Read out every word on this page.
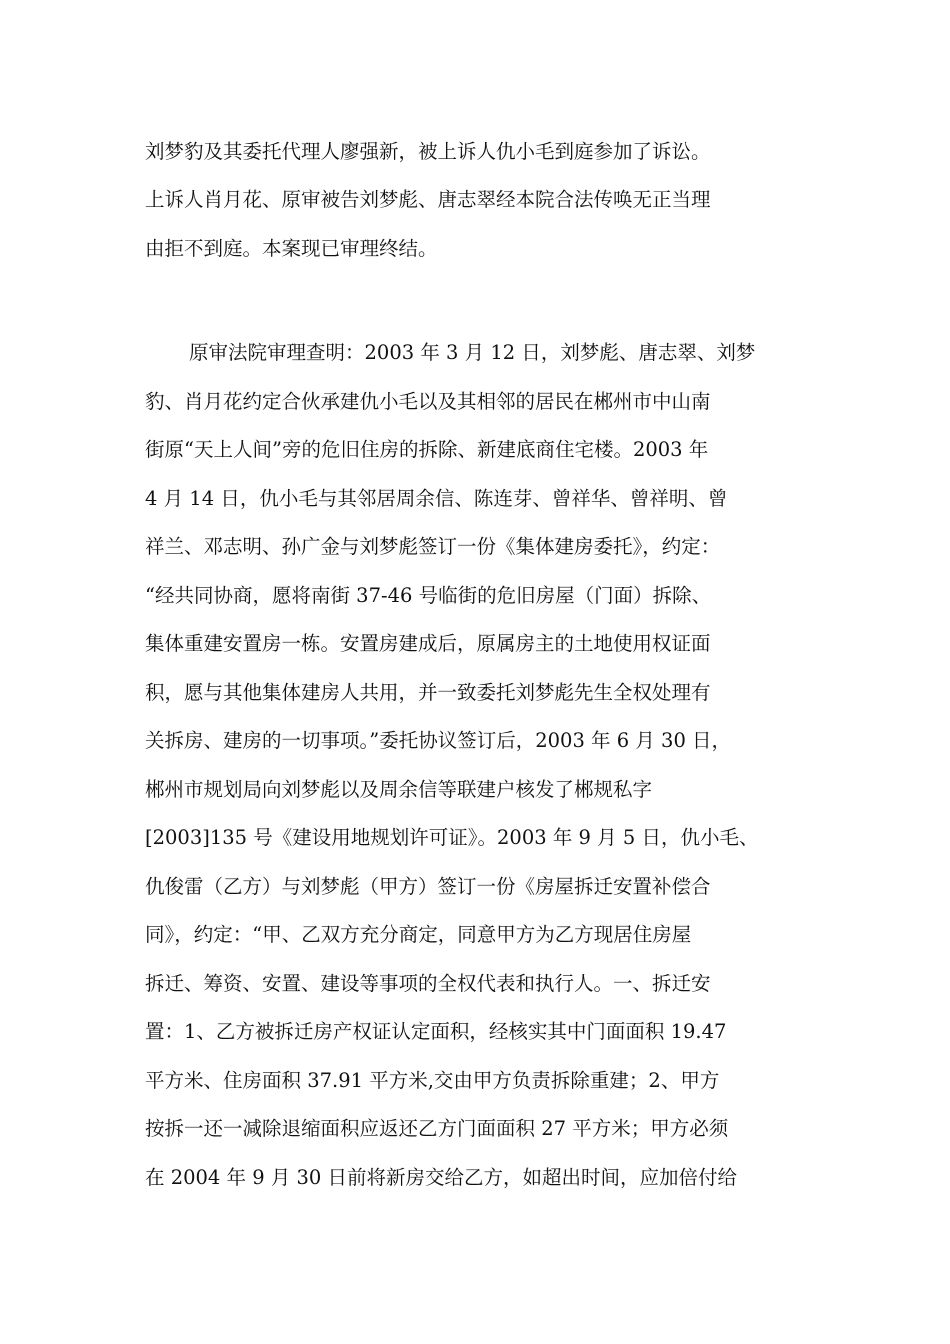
刘梦豹及其委托代理人廖强新，被上诉人仇小毛到庭参加了诉讼。
上诉人肖月花、原审被告刘梦彪、唐志翠经本院合法传唤无正当理
由拒不到庭。本案现已审理终结。
原审法院审理查明：2003 年 3 月 12 日，刘梦彪、唐志翠、刘梦
豹、肖月花约定合伙承建仇小毛以及其相邻的居民在郴州市中山南
街原“天上人间”旁的危旧住房的拆除、新建底商住宅楼。2003 年
4 月 14 日，仇小毛与其邻居周余信、陈连芽、曾祥华、曾祥明、曾
祥兰、邓志明、孙广金与刘梦彪签订一份《集体建房委托》，约定：
“经共同协商，愿将南街 37-46 号临街的危旧房屋（门面）拆除、
集体重建安置房一栋。安置房建成后，原属房主的土地使用权证面
积，愿与其他集体建房人共用，并一致委托刘梦彪先生全权处理有
关拆房、建房的一切事项。”委托协议签订后，2003 年 6 月 30 日，
郴州市规划局向刘梦彪以及周余信等联建户核发了郴规私字
[2003]135 号《建设用地规划许可证》。2003 年 9 月 5 日，仇小毛、
仇俊雷（乙方）与刘梦彪（甲方）签订一份《房屋拆迁安置补偿合
同》，约定：“甲、乙双方充分商定，同意甲方为乙方现居住房屋
拆迁、筹资、安置、建设等事项的全权代表和执行人。一、拆迁安
置：1、乙方被拆迁房产权证认定面积，经核实其中门面面积 19.47
平方米、住房面积 37.91 平方米,交由甲方负责拆除重建；2、甲方
按拆一还一减除退缩面积应返还乙方门面面积 27 平方米；甲方必须
在 2004 年 9 月 30 日前将新房交给乙方，如超出时间，应加倍付给
